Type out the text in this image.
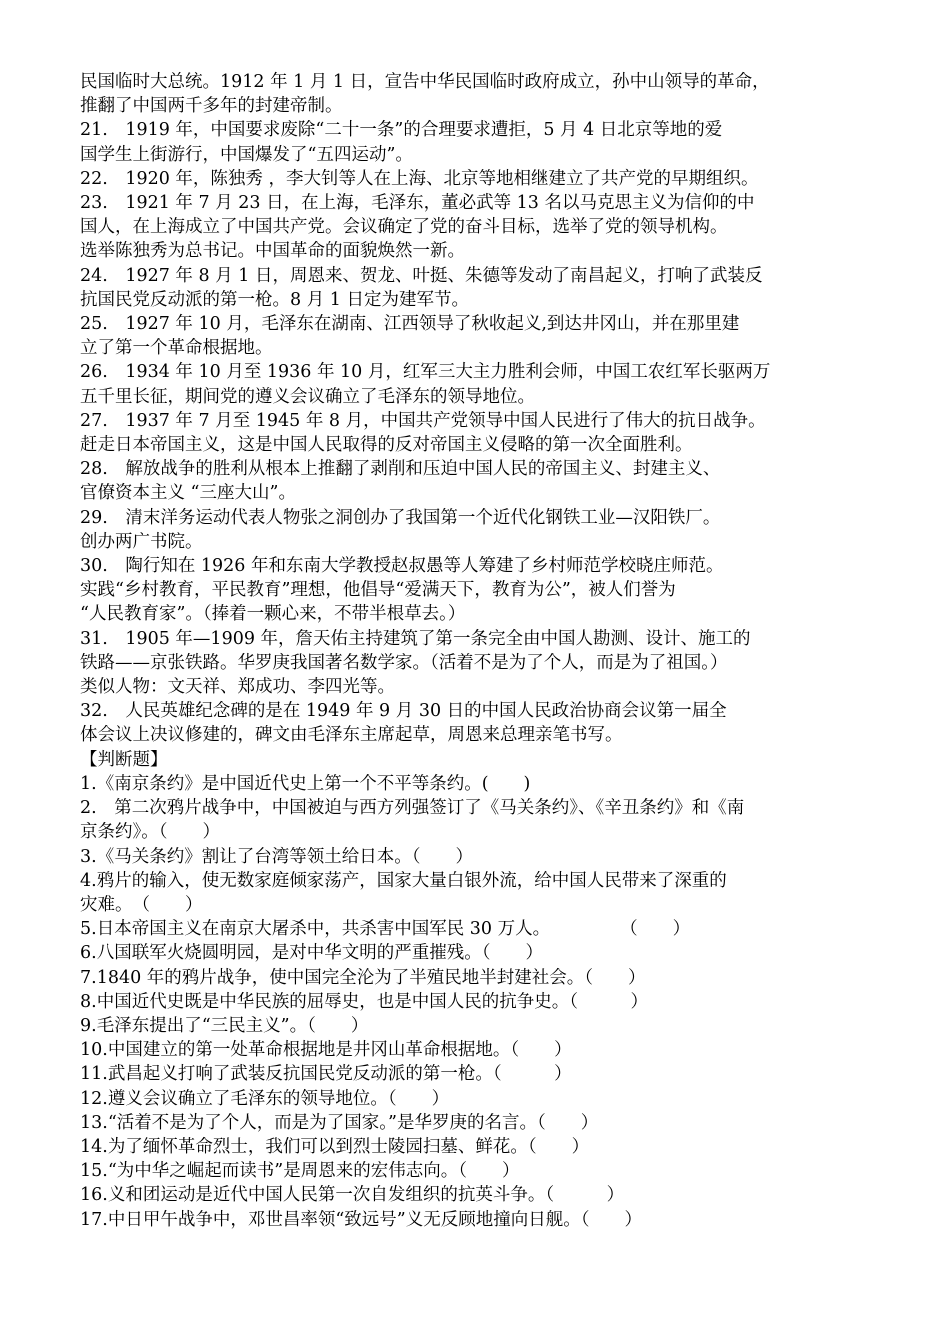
民国临时大总统。1912 年 1 月 1 日，宣告中华民国临时政府成立，孙中山领导的革命，
推翻了中国两千多年的封建帝制。
21.　1919 年，中国要求废除“二十一条”的合理要求遭拒，5 月 4 日北京等地的爱
国学生上街游行，中国爆发了“五四运动”。
22.　1920 年，陈独秀 ，李大钊等人在上海、北京等地相继建立了共产党的早期组织。
23.　1921 年 7 月 23 日，在上海，毛泽东，董必武等 13 名以马克思主义为信仰的中
国人，在上海成立了中国共产党。会议确定了党的奋斗目标，选举了党的领导机构。
选举陈独秀为总书记。中国革命的面貌焕然一新。
24.　1927 年 8 月 1 日，周恩来、贺龙、叶挺、朱德等发动了南昌起义，打响了武装反
抗国民党反动派的第一枪。8 月 1 日定为建军节。
25.　1927 年 10 月，毛泽东在湖南、江西领导了秋收起义,到达井冈山，并在那里建
立了第一个革命根据地。
26.　1934 年 10 月至 1936 年 10 月，红军三大主力胜利会师，中国工农红军长驱两万
五千里长征，期间党的遵义会议确立了毛泽东的领导地位。
27.　1937 年 7 月至 1945 年 8 月，中国共产党领导中国人民进行了伟大的抗日战争。
赶走日本帝国主义，这是中国人民取得的反对帝国主义侵略的第一次全面胜利。
28.　解放战争的胜利从根本上推翻了剥削和压迫中国人民的帝国主义、封建主义、
官僚资本主义 “三座大山”。
29.　清末洋务运动代表人物张之洞创办了我国第一个近代化钢铁工业—汉阳铁厂。
创办两广书院。
30.　陶行知在 1926 年和东南大学教授赵叔愚等人筹建了乡村师范学校晓庄师范。
实践“乡村教育，平民教育”理想，他倡导“爱满天下，教育为公”，被人们誉为
“人民教育家”。（捧着一颗心来，不带半根草去。）
31.　1905 年—1909 年，詹天佑主持建筑了第一条完全由中国人勘测、设计、施工的
铁路——京张铁路。华罗庚我国著名数学家。（活着不是为了个人，而是为了祖国。）
类似人物：文天祥、郑成功、李四光等。
32.　人民英雄纪念碑的是在 1949 年 9 月 30 日的中国人民政治协商会议第一届全
体会议上决议修建的，碑文由毛泽东主席起草，周恩来总理亲笔书写。
【判断题】
1.《南京条约》是中国近代史上第一个不平等条约。(　　)
2.　第二次鸦片战争中，中国被迫与西方列强签订了《马关条约》、《辛丑条约》和《南
京条约》。（　　）
3.《马关条约》割让了台湾等领土给日本。（　　）
4.鸦片的输入，使无数家庭倾家荡产，国家大量白银外流，给中国人民带来了深重的
灾难。　（　　）
5.日本帝国主义在南京大屠杀中，共杀害中国军民 30 万人。　　　　　（　　）
6.八国联军火烧圆明园，是对中华文明的严重摧残。（　　）
7.1840 年的鸦片战争，使中国完全沦为了半殖民地半封建社会。（　　）
8.中国近代史既是中华民族的屈辱史，也是中国人民的抗争史。（　　　）
9.毛泽东提出了“三民主义”。（　　）
10.中国建立的第一处革命根据地是井冈山革命根据地。（　　）
11.武昌起义打响了武装反抗国民党反动派的第一枪。（　　　）
12.遵义会议确立了毛泽东的领导地位。（　　）
13.“活着不是为了个人，而是为了国家。”是华罗庚的名言。（　　）
14.为了缅怀革命烈士，我们可以到烈士陵园扫墓、鲜花。（　　）
15.“为中华之崛起而读书”是周恩来的宏伟志向。（　　）
16.义和团运动是近代中国人民第一次自发组织的抗英斗争。（　　　）
17.中日甲午战争中，邓世昌率领“致远号”义无反顾地撞向日舰。（　　）
